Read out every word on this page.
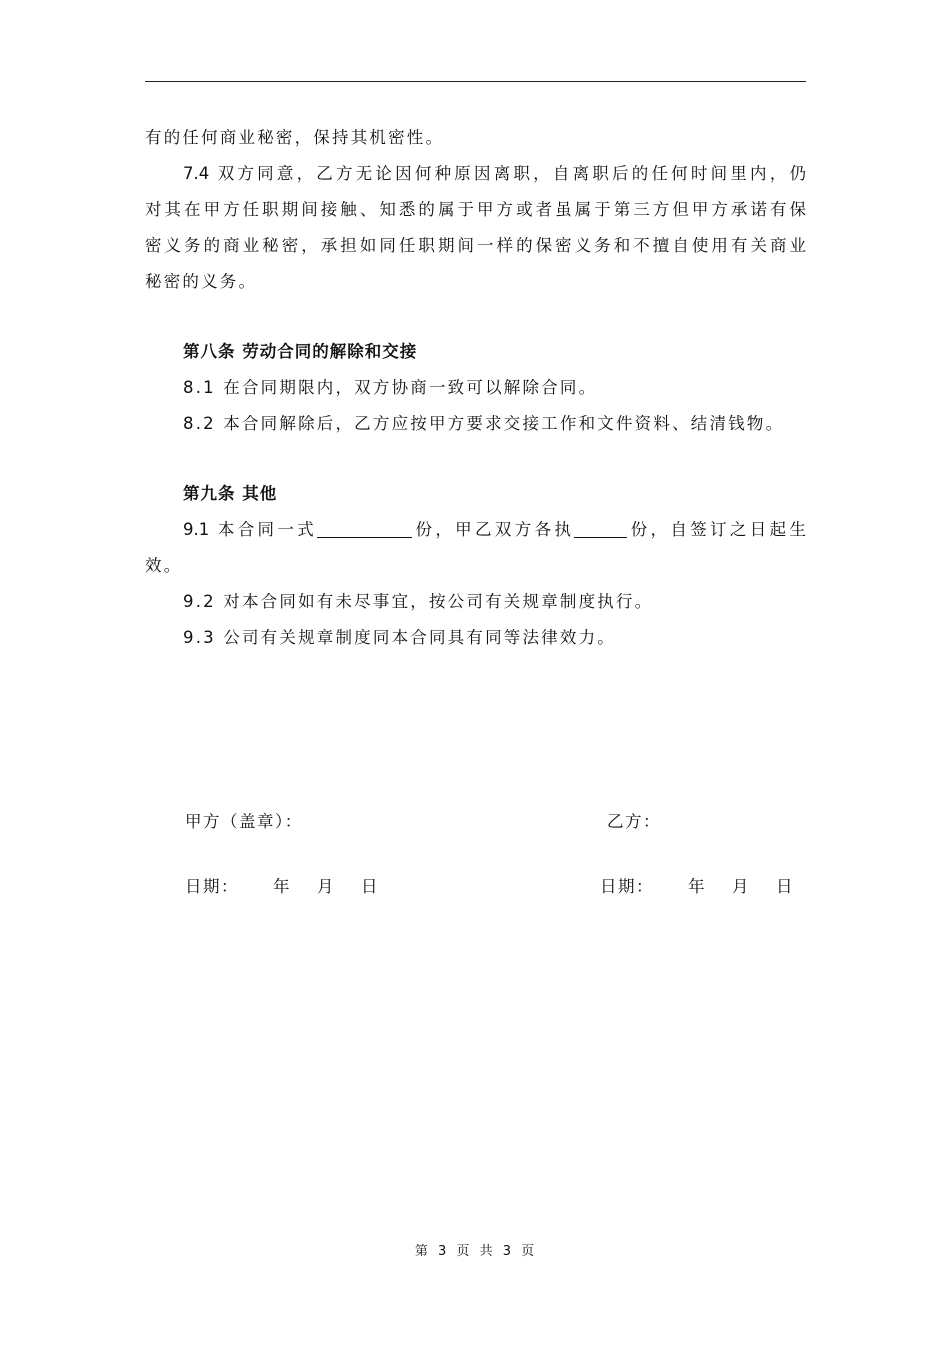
有的任何商业秘密，保持其机密性。
7.4 双方同意，乙方无论因何种原因离职，自离职后的任何时间里内，仍
对其在甲方任职期间接触、知悉的属于甲方或者虽属于第三方但甲方承诺有保
密义务的商业秘密，承担如同任职期间一样的保密义务和不擅自使用有关商业
秘密的义务。
第八条 劳动合同的解除和交接
8.1 在合同期限内，双方协商一致可以解除合同。
8.2 本合同解除后，乙方应按甲方要求交接工作和文件资料、结清钱物。
第九条 其他
9.1 本合同一式	份，甲乙双方各执	份，自签订之日起生
效。
9.2 对本合同如有未尽事宜，按公司有关规章制度执行。
9.3 公司有关规章制度同本合同具有同等法律效力。
甲方（盖章）：	乙方：
日期： 年 月 日	日期： 年 月 日
第 3 页 共 3 页
